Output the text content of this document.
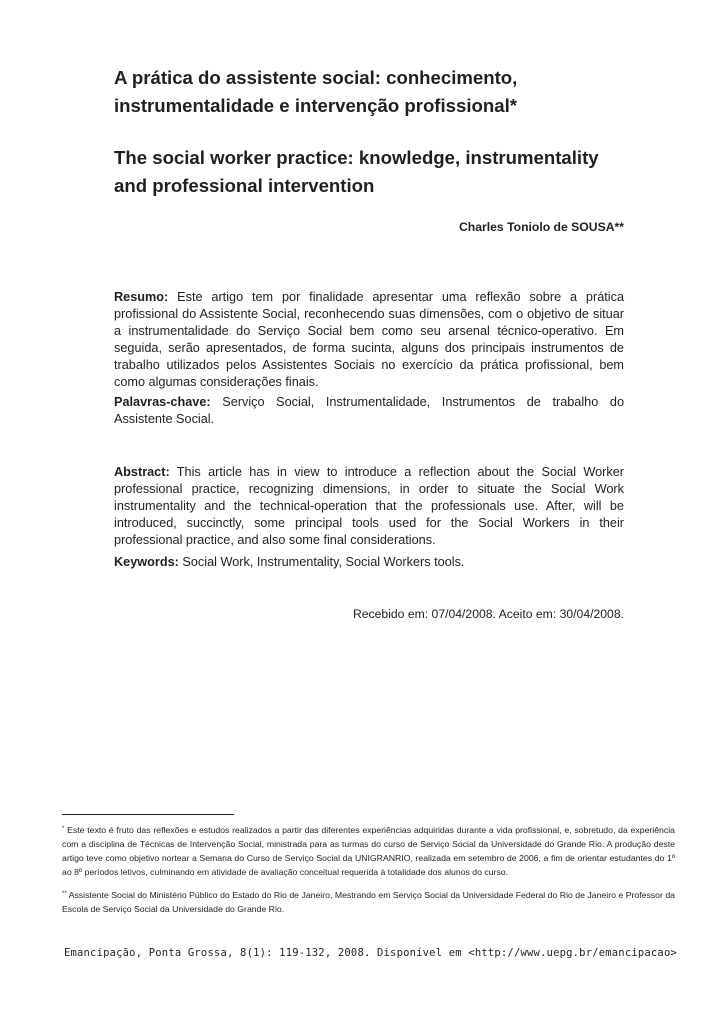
A prática do assistente social: conhecimento, instrumentalidade e intervenção profissional*
The social worker practice: knowledge, instrumentality and professional intervention
Charles Toniolo de SOUSA**
Resumo: Este artigo tem por finalidade apresentar uma reflexão sobre a prática profissional do Assistente Social, reconhecendo suas dimensões, com o objetivo de situar a instrumentalidade do Serviço Social bem como seu arsenal técnico-operativo. Em seguida, serão apresentados, de forma sucinta, alguns dos principais instrumentos de trabalho utilizados pelos Assistentes Sociais no exercício da prática profissional, bem como algumas considerações finais.
Palavras-chave: Serviço Social, Instrumentalidade, Instrumentos de trabalho do Assistente Social.
Abstract: This article has in view to introduce a reflection about the Social Worker professional practice, recognizing dimensions, in order to situate the Social Work instrumentality and the technical-operation that the professionals use. After, will be introduced, succinctly, some principal tools used for the Social Workers in their professional practice, and also some final considerations.
Keywords: Social Work, Instrumentality, Social Workers tools.
Recebido em: 07/04/2008. Aceito em: 30/04/2008.
* Este texto é fruto das reflexões e estudos realizados a partir das diferentes experiências adquiridas durante a vida profissional, e, sobretudo, da experiência com a disciplina de Técnicas de Intervenção Social, ministrada para as turmas do curso de Serviço Social da Universidade do Grande Rio. A produção deste artigo teve como objetivo nortear a Semana do Curso de Serviço Social da UNIGRANRIO, realizada em setembro de 2006, a fim de orientar estudantes do 1º ao 8º períodos letivos, culminando em atividade de avaliação conceitual requerida à totalidade dos alunos do curso.
** Assistente Social do Ministério Público do Estado do Rio de Janeiro, Mestrando em Serviço Social da Universidade Federal do Rio de Janeiro e Professor da Escola de Serviço Social da Universidade do Grande Rio.
Emancipação, Ponta Grossa, 8(1): 119-132, 2008. Disponível em <http://www.uepg.br/emancipacao>
